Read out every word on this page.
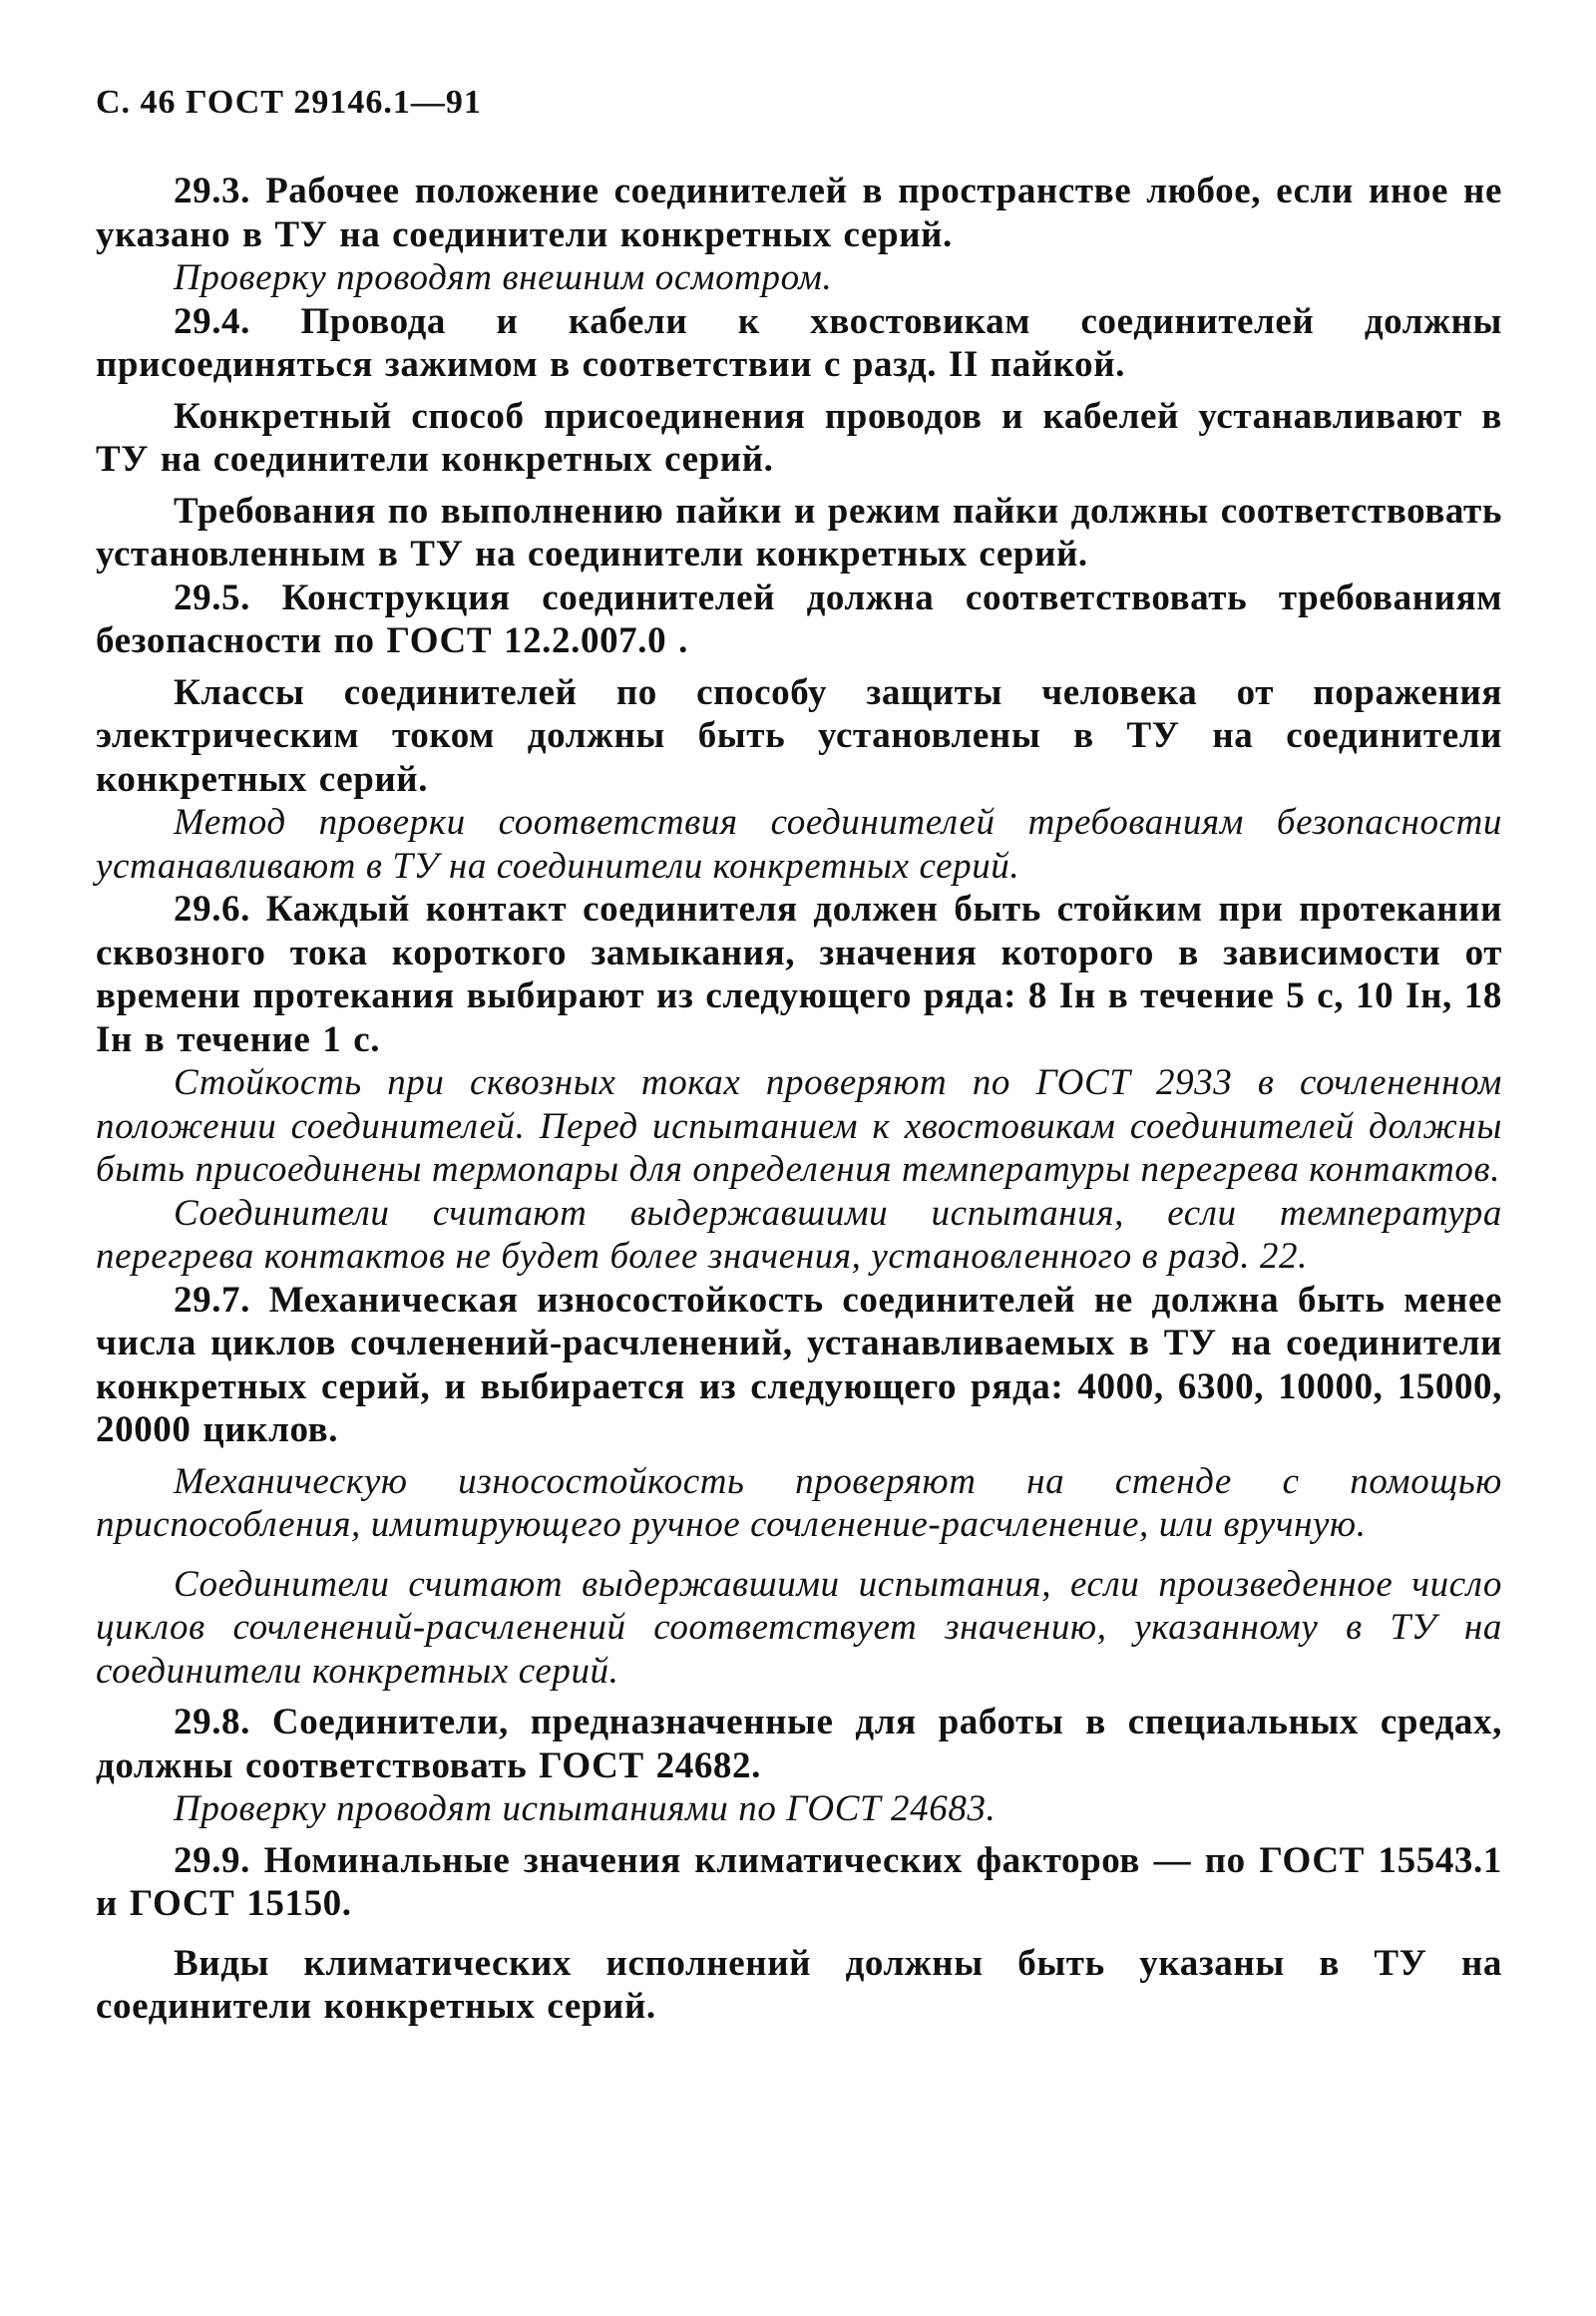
С. 46 ГОСТ 29146.1—91

29.3. Рабочее положение соединителей в пространстве любое, если иное не указано в ТУ на соединители конкретных серий.

Проверку проводят внешним осмотром.

29.4. Провода и кабели к хвостовикам соединителей должны присоединяться зажимом в соответствии с разд. II пайкой.

Конкретный способ присоединения проводов и кабелей устанавливают в ТУ на соединители конкретных серий.

Требования по выполнению пайки и режим пайки должны соответствовать установленным в ТУ на соединители конкретных серий.

29.5. Конструкция соединителей должна соответствовать требованиям безопасности по ГОСТ 12.2.007.0 .

Классы соединителей по способу защиты человека от поражения электрическим током должны быть установлены в ТУ на соединители конкретных серий.

Метод проверки соответствия соединителей требованиям безопасности устанавливают в ТУ на соединители конкретных серий.

29.6. Каждый контакт соединителя должен быть стойким при протекании сквозного тока короткого замыкания, значения которого в зависимости от времени протекания выбирают из следующего ряда: 8 Iн в течение 5 с, 10 Iн, 18 Iн в течение 1 с.

Стойкость при сквозных токах проверяют по ГОСТ 2933 в сочлененном положении соединителей. Перед испытанием к хвостовикам соединителей должны быть присоединены термопары для определения температуры перегрева контактов.

Соединители считают выдержавшими испытания, если температура перегрева контактов не будет более значения, установленного в разд. 22.

29.7. Механическая износостойкость соединителей не должна быть менее числа циклов сочленений-расчленений, устанавливаемых в ТУ на соединители конкретных серий, и выбирается из следующего ряда: 4000, 6300, 10000, 15000, 20000 циклов.

Механическую износостойкость проверяют на стенде с помощью приспособления, имитирующего ручное сочленение-расчленение, или вручную.

Соединители считают выдержавшими испытания, если произведенное число циклов сочленений-расчленений соответствует значению, указанному в ТУ на соединители конкретных серий.

29.8. Соединители, предназначенные для работы в специальных средах, должны соответствовать ГОСТ 24682.

Проверку проводят испытаниями по ГОСТ 24683.

29.9. Номинальные значения климатических факторов — по ГОСТ 15543.1 и ГОСТ 15150.

Виды климатических исполнений должны быть указаны в ТУ на соединители конкретных серий.
